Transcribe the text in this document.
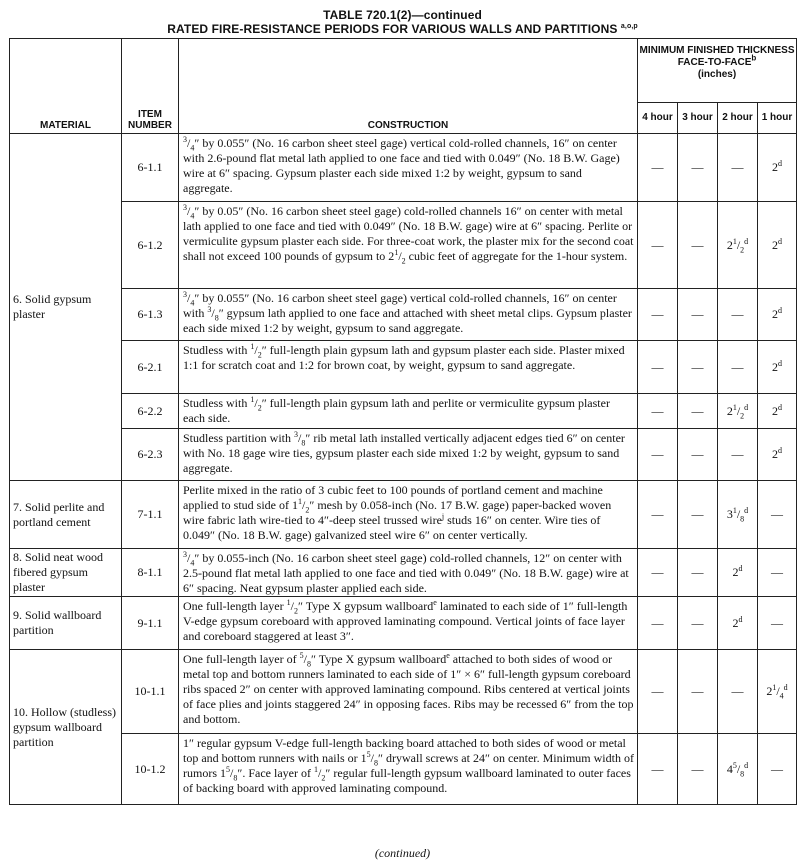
TABLE 720.1(2)—continued
RATED FIRE-RESISTANCE PERIODS FOR VARIOUS WALLS AND PARTITIONS $^{a,o,p}$
MATERIAL	ITEM NUMBER	CONSTRUCTION	MINIMUM FINISHED THICKNESS FACE-TO-FACE$^b$
(inches)			
			4 hour	3 hour	2 hour	1 hour
6. Solid gypsum plaster	6-1.1	$^3/_4''$ by 0.055″ (No. 16 carbon sheet steel gage) vertical cold-rolled channels, 16″ on center with 2.6-pound flat metal lath applied to one face and tied with 0.049″ (No. 18 B.W. Gage) wire at 6″ spacing. Gypsum plaster each side mixed 1:2 by weight, gypsum to sand aggregate.	—	—	—	2$^d$
	6-1.2	$^3/_4''$ by 0.05″ (No. 16 carbon sheet steel gage) cold-rolled channels 16″ on center with metal lath applied to one face and tied with 0.049″ (No. 18 B.W. gage) wire at 6″ spacing. Perlite or vermiculite gypsum plaster each side. For three-coat work, the plaster mix for the second coat shall not exceed 100 pounds of gypsum to $2^1/_2$ cubic feet of aggregate for the 1-hour system.	—	—	$2^1/_2^d$	2$^d$
	6-1.3	$^3/_4''$ by 0.055″ (No. 16 carbon sheet steel gage) vertical cold-rolled channels, 16″ on center with $^3/_8''$ gypsum lath applied to one face and attached with sheet metal clips. Gypsum plaster each side mixed 1:2 by weight, gypsum to sand aggregate.	—	—	—	2$^d$
	6-2.1	Studless with $^1/_2''$ full-length plain gypsum lath and gypsum plaster each side. Plaster mixed 1:1 for scratch coat and 1:2 for brown coat, by weight, gypsum to sand aggregate.	—	—	—	2$^d$
	6-2.2	Studless with $^1/_2''$ full-length plain gypsum lath and perlite or vermiculite gypsum plaster each side.	—	—	$2^1/_2^d$	2$^d$
	6-2.3	Studless partition with $^3/_8''$ rib metal lath installed vertically adjacent edges tied 6″ on center with No. 18 gage wire ties, gypsum plaster each side mixed 1:2 by weight, gypsum to sand aggregate.	—	—	—	2$^d$
7. Solid perlite and portland cement	7-1.1	Perlite mixed in the ratio of 3 cubic feet to 100 pounds of portland cement and machine applied to stud side of $1^1/_2''$ mesh by 0.058-inch (No. 17 B.W. gage) paper-backed woven wire fabric lath wire-tied to 4″-deep steel trussed wire$^j$ studs 16″ on center. Wire ties of 0.049″ (No. 18 B.W. gage) galvanized steel wire 6″ on center vertically.	—	—	$3^1/_8^d$	—
8. Solid neat wood fibered gypsum plaster	8-1.1	$^3/_4''$ by 0.055-inch (No. 16 carbon sheet steel gage) cold-rolled channels, 12″ on center with 2.5-pound flat metal lath applied to one face and tied with 0.049″ (No. 18 B.W. gage) wire at 6″ spacing. Neat gypsum plaster applied each side.	—	—	2$^d$	—
9. Solid wallboard partition	9-1.1	One full-length layer $^1/_2''$ Type X gypsum wallboard$^e$ laminated to each side of 1″ full-length V-edge gypsum coreboard with approved laminating compound. Vertical joints of face layer and coreboard staggered at least 3″.	—	—	2$^d$	—
10. Hollow (studless) gypsum wallboard partition	10-1.1	One full-length layer of $^5/_8''$ Type X gypsum wallboard$^e$ attached to both sides of wood or metal top and bottom runners laminated to each side of 1″ × 6″ full-length gypsum coreboard ribs spaced 2″ on center with approved laminating compound. Ribs centered at vertical joints of face plies and joints staggered 24″ in opposing faces. Ribs may be recessed 6″ from the top and bottom.	—	—	—	$2^1/_4^d$
	10-1.2	1″ regular gypsum V-edge full-length backing board attached to both sides of wood or metal top and bottom runners with nails or $1^5/_8''$ drywall screws at 24″ on center. Minimum width of rumors $1^5/_8''$. Face layer of $^1/_2''$ regular full-length gypsum wallboard laminated to outer faces of backing board with approved laminating compound.	—	—	$4^5/_8^d$	—
(continued)
